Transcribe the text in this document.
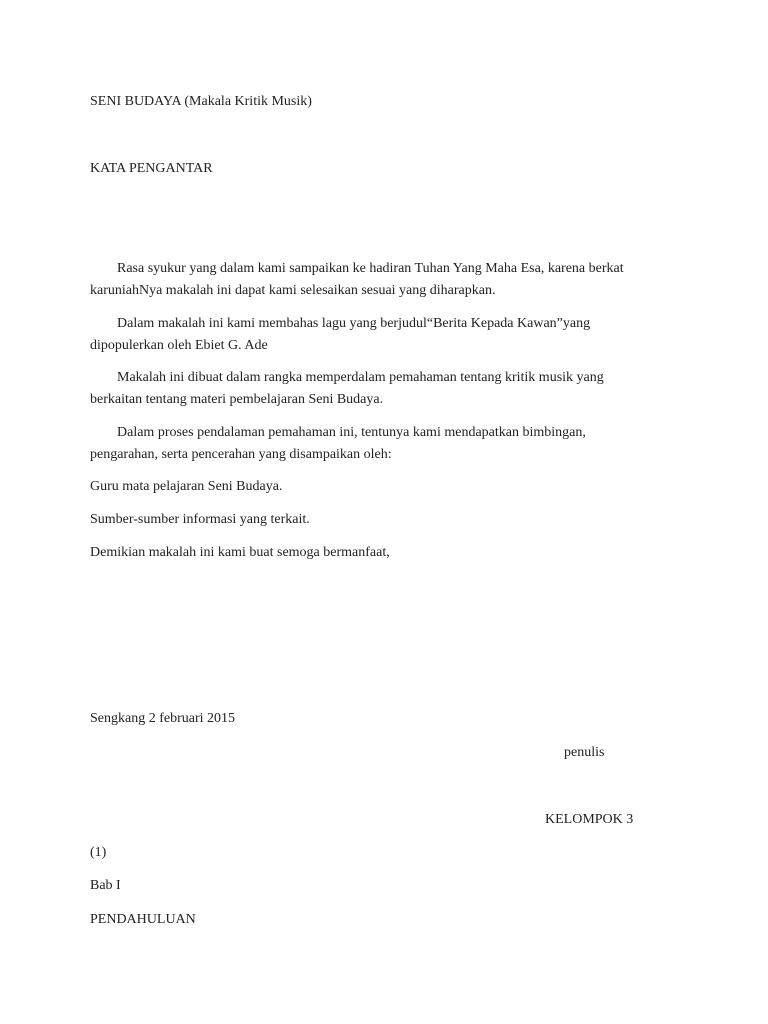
SENI BUDAYA (Makala Kritik Musik)
KATA PENGANTAR
Rasa syukur yang dalam kami sampaikan ke hadiran Tuhan Yang Maha Esa, karena berkat
karuniahNya makalah ini dapat kami selesaikan sesuai yang diharapkan.
Dalam makalah ini kami membahas lagu yang berjudul“Berita Kepada Kawan”yang
dipopulerkan oleh Ebiet G. Ade
Makalah ini dibuat dalam rangka memperdalam pemahaman tentang kritik musik yang
berkaitan tentang materi pembelajaran Seni Budaya.
Dalam proses pendalaman pemahaman ini, tentunya kami mendapatkan bimbingan,
pengarahan, serta pencerahan yang disampaikan oleh:
Guru mata pelajaran Seni Budaya.
Sumber-sumber informasi yang terkait.
Demikian makalah ini kami buat semoga bermanfaat,
Sengkang 2 februari 2015
penulis
KELOMPOK 3
(1)
Bab I
PENDAHULUAN
